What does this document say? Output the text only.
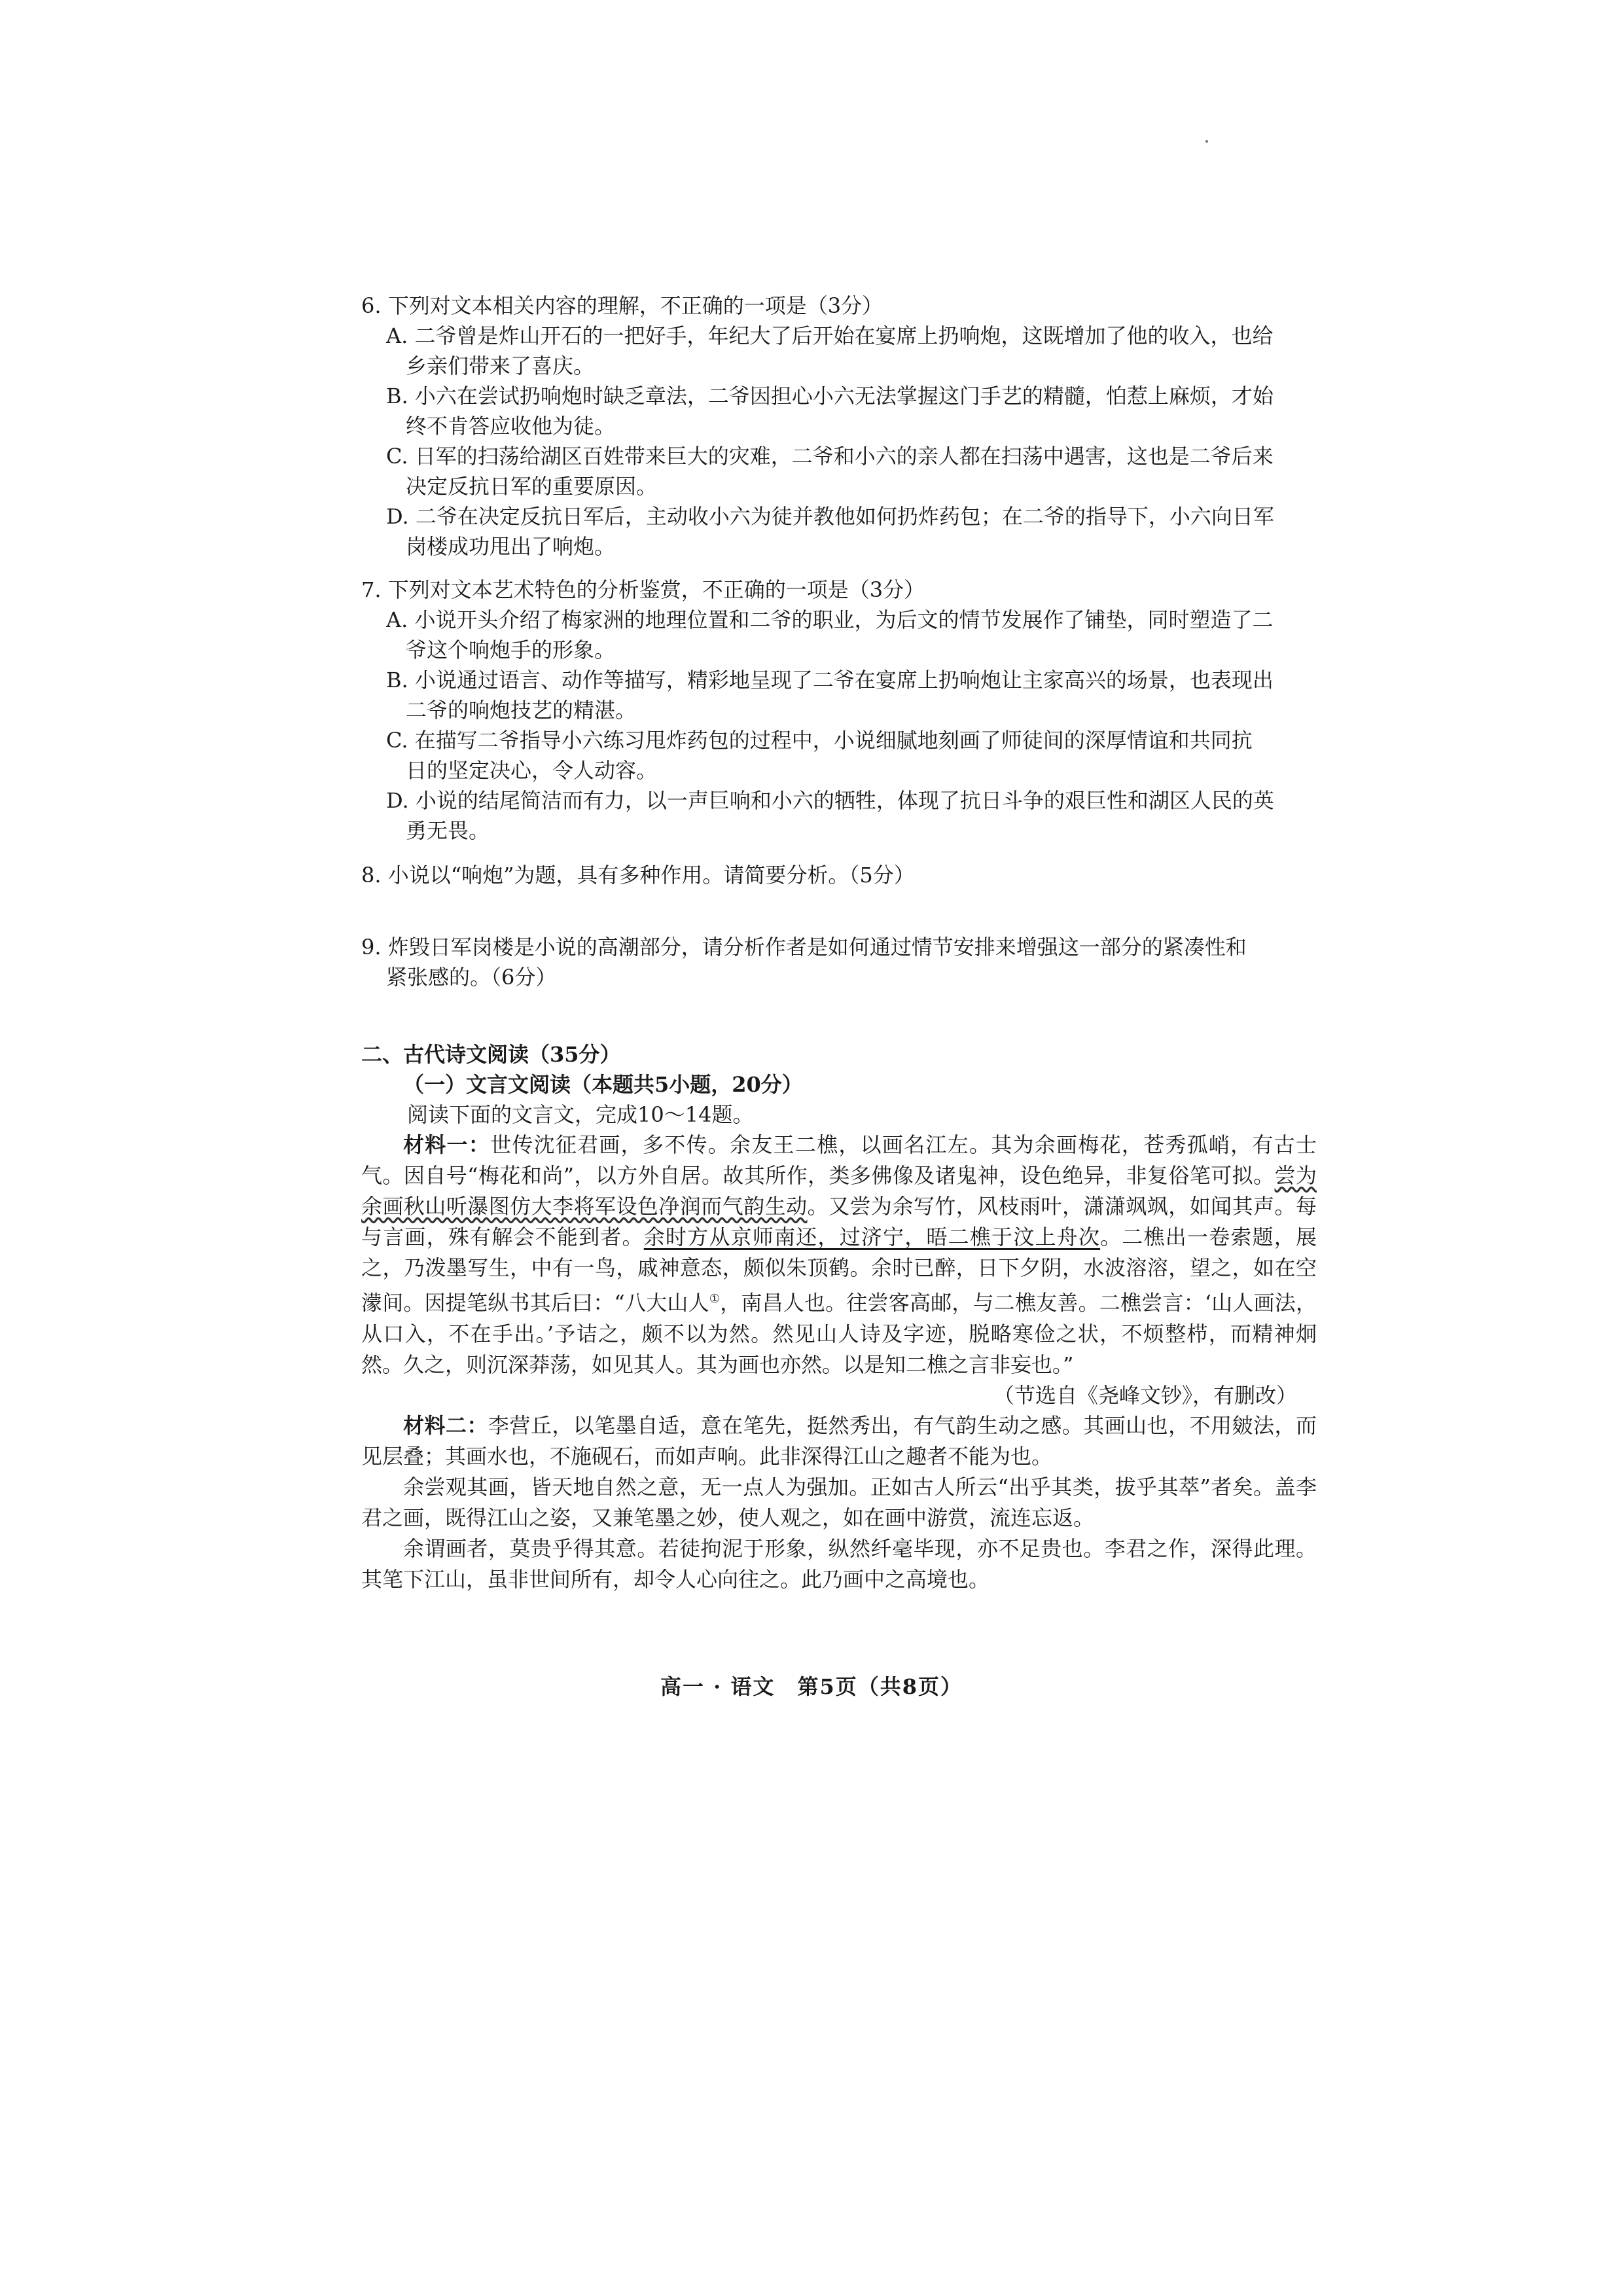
6. 下列对文本相关内容的理解，不正确的一项是（3分）
A. 二爷曾是炸山开石的一把好手，年纪大了后开始在宴席上扔响炮，这既增加了他的收入，也给
乡亲们带来了喜庆。
B. 小六在尝试扔响炮时缺乏章法，二爷因担心小六无法掌握这门手艺的精髓，怕惹上麻烦，才始
终不肯答应收他为徒。
C. 日军的扫荡给湖区百姓带来巨大的灾难，二爷和小六的亲人都在扫荡中遇害，这也是二爷后来
决定反抗日军的重要原因。
D. 二爷在决定反抗日军后，主动收小六为徒并教他如何扔炸药包；在二爷的指导下，小六向日军
岗楼成功甩出了响炮。
7. 下列对文本艺术特色的分析鉴赏，不正确的一项是（3分）
A. 小说开头介绍了梅家洲的地理位置和二爷的职业，为后文的情节发展作了铺垫，同时塑造了二
爷这个响炮手的形象。
B. 小说通过语言、动作等描写，精彩地呈现了二爷在宴席上扔响炮让主家高兴的场景，也表现出
二爷的响炮技艺的精湛。
C. 在描写二爷指导小六练习甩炸药包的过程中，小说细腻地刻画了师徒间的深厚情谊和共同抗
日的坚定决心，令人动容。
D. 小说的结尾简洁而有力，以一声巨响和小六的牺牲，体现了抗日斗争的艰巨性和湖区人民的英
勇无畏。
8. 小说以“响炮”为题，具有多种作用。请简要分析。（5分）
9. 炸毁日军岗楼是小说的高潮部分，请分析作者是如何通过情节安排来增强这一部分的紧凑性和
紧张感的。（6分）
二、古代诗文阅读（35分）
（一）文言文阅读（本题共5小题，20分）
阅读下面的文言文，完成10～14题。
材料一：世传沈征君画，多不传。余友王二樵，以画名江左。其为余画梅花，苍秀孤峭，有古士气。因自号“梅花和尚”，以方外自居。故其所作，类多佛像及诸鬼神，设色绝异，非复俗笔可拟。尝为余画秋山听瀑图仿大李将军设色净润而气韵生动。又尝为余写竹，风枝雨叶，潇潇飒飒，如闻其声。每与言画，殊有解会不能到者。余时方从京师南还，过济宁，晤二樵于汶上舟次。二樵出一卷索题，展之，乃泼墨写生，中有一鸟，戚神意态，颇似朱顶鹤。余时已醉，日下夕阴，水波溶溶，望之，如在空濛间。因提笔纵书其后曰：“八大山人①，南昌人也。往尝客高邮，与二樵友善。二樵尝言：‘山人画法，从口入，不在手出。’予诘之，颇不以为然。然见山人诗及字迹，脱略寒俭之状，不烦整栉，而精神炯然。久之，则沉深莽荡，如见其人。其为画也亦然。以是知二樵之言非妄也。”
（节选自《尧峰文钞》，有删改）
材料二：李营丘，以笔墨自适，意在笔先，挺然秀出，有气韵生动之感。其画山也，不用皴法，而见层叠；其画水也，不施砚石，而如声响。此非深得江山之趣者不能为也。
余尝观其画，皆天地自然之意，无一点人为强加。正如古人所云“出乎其类，拔乎其萃”者矣。盖李君之画，既得江山之姿，又兼笔墨之妙，使人观之，如在画中游赏，流连忘返。
余谓画者，莫贵乎得其意。若徒拘泥于形象，纵然纤毫毕现，亦不足贵也。李君之作，深得此理。其笔下江山，虽非世间所有，却令人心向往之。此乃画中之高境也。
高一 · 语文　第5页（共8页）
